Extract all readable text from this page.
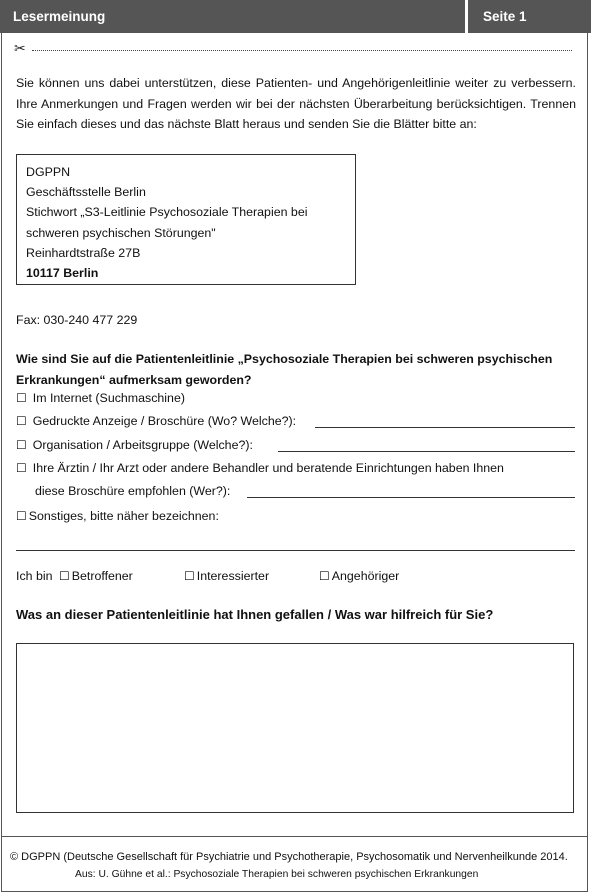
Lesermeinung	Seite 1
✂
Sie können uns dabei unterstützen, diese Patienten- und Angehörigenleitlinie weiter zu verbessern. Ihre Anmerkungen und Fragen werden wir bei der nächsten Überarbeitung berücksichtigen. Trennen Sie einfach dieses und das nächste Blatt heraus und senden Sie die Blätter bitte an:
DGPPN
Geschäftsstelle Berlin
Stichwort „S3-Leitlinie Psychosoziale Therapien bei
schweren psychischen Störungen"
Reinhardtstraße 27B
10117 Berlin
Fax: 030-240 477 229
Wie sind Sie auf die Patientenleitlinie „Psychosoziale Therapien bei schweren psychischen Erkrankungen“ aufmerksam geworden?
☐ Im Internet (Suchmaschine)
☐ Gedruckte Anzeige / Broschüre (Wo? Welche?):
☐ Organisation / Arbeitsgruppe (Welche?):
☐ Ihre Ärztin / Ihr Arzt oder andere Behandler und beratende Einrichtungen haben Ihnen
diese Broschüre empfohlen (Wer?):
☐ Sonstiges, bitte näher bezeichnen:
Ich bin ☐ Betroffener	☐ Interessierter	☐ Angehöriger
Was an dieser Patientenleitlinie hat Ihnen gefallen / Was war hilfreich für Sie?
© DGPPN (Deutsche Gesellschaft für Psychiatrie und Psychotherapie, Psychosomatik und Nervenheilkunde 2014.
Aus: U. Gühne et al.: Psychosoziale Therapien bei schweren psychischen Erkrankungen
